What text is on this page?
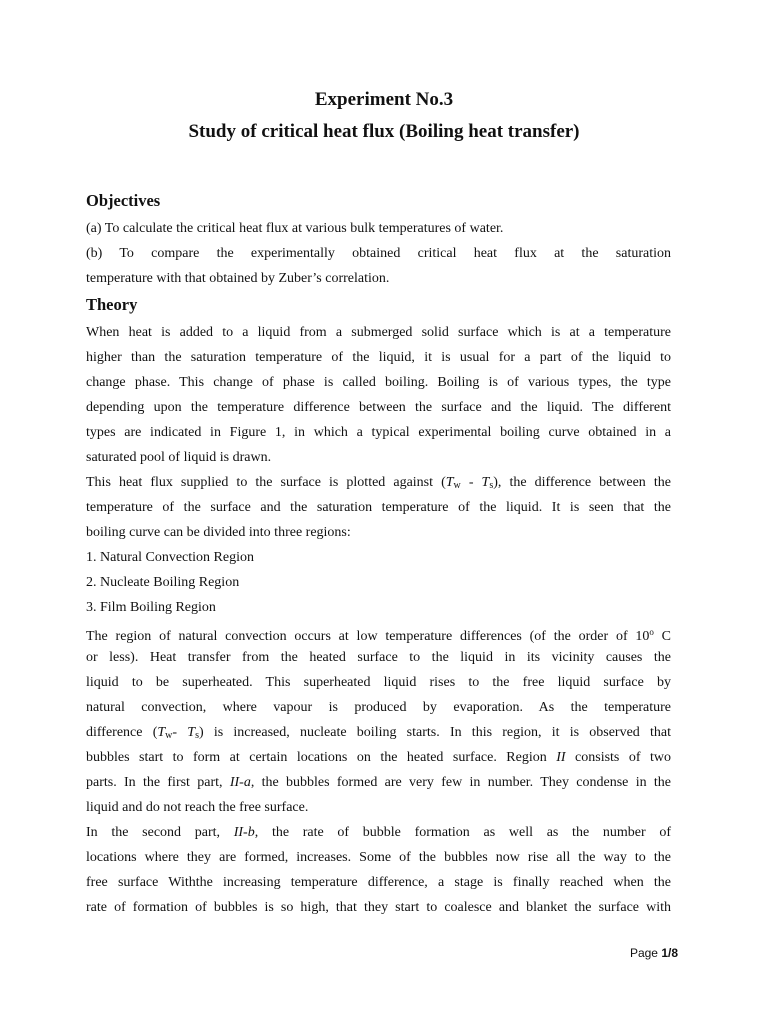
Experiment No.3
Study of critical heat flux (Boiling heat transfer)
Objectives
(a) To calculate the critical heat flux at various bulk temperatures of water.
(b) To compare the experimentally obtained critical heat flux at the saturation
temperature with that obtained by Zuber’s correlation.
Theory
When heat is added to a liquid from a submerged solid surface which is at a temperature
higher than the saturation temperature of the liquid, it is usual for a part of the liquid to
change phase. This change of phase is called boiling. Boiling is of various types, the type
depending upon the temperature difference between the surface and the liquid. The different
types are indicated in Figure 1, in which a typical experimental boiling curve obtained in a
saturated pool of liquid is drawn.
This heat flux supplied to the surface is plotted against $(T_w - T_s)$, the difference between the
temperature of the surface and the saturation temperature of the liquid. It is seen that the
boiling curve can be divided into three regions:
1. Natural Convection Region
2. Nucleate Boiling Region
3. Film Boiling Region
The region of natural convection occurs at low temperature differences (of the order of 10$^o$ C
or less). Heat transfer from the heated surface to the liquid in its vicinity causes the
liquid to be superheated. This superheated liquid rises to the free liquid surface by
natural convection, where vapour is produced by evaporation. As the temperature
difference ($T_w-$ $T_s$) is increased, nucleate boiling starts. In this region, it is observed that
bubbles start to form at certain locations on the heated surface. Region II consists of two
parts. In the first part, II-a, the bubbles formed are very few in number. They condense in the
liquid and do not reach the free surface.
In the second part, II-b, the rate of bubble formation as well as the number of
locations where they are formed, increases. Some of the bubbles now rise all the way to the
free surface Withthe increasing temperature difference, a stage is finally reached when the
rate of formation of bubbles is so high, that they start to coalesce and blanket the surface with
Page 1/8
